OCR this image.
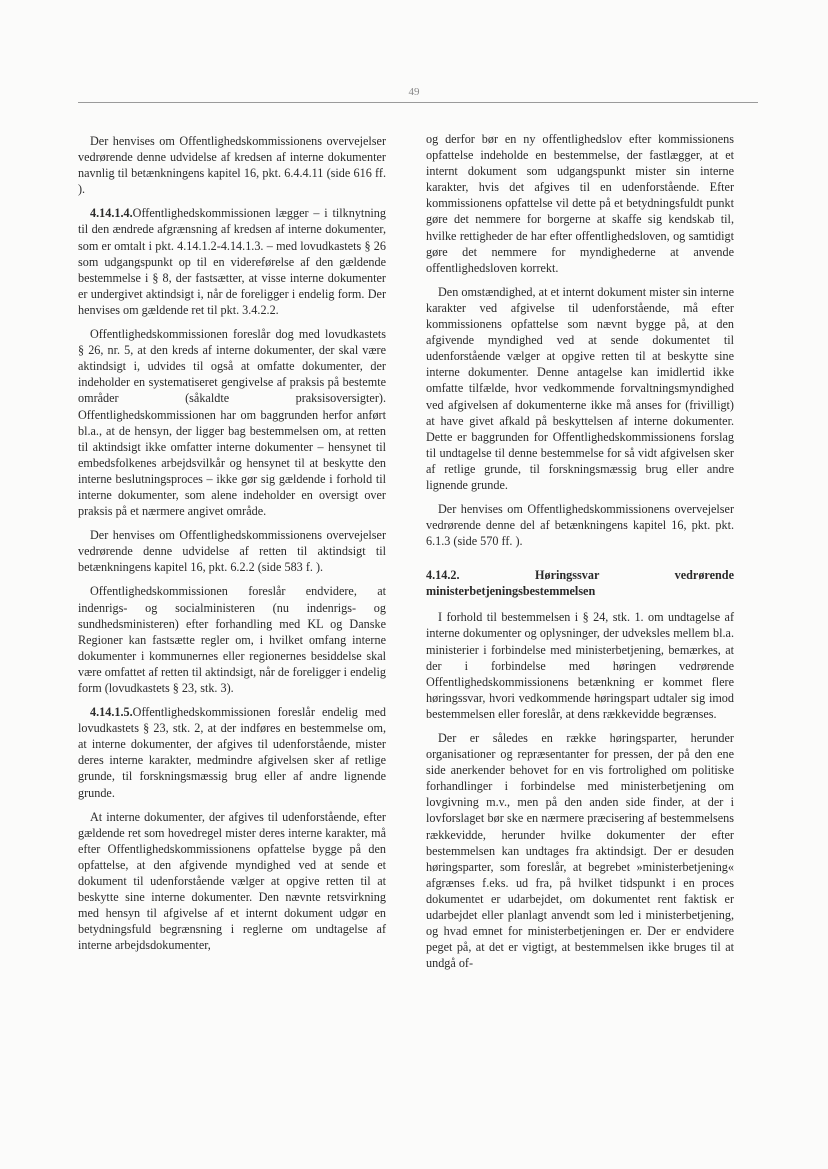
49

Der henvises om Offentlighedskommissionens overvejelser vedrørende denne udvidelse af kredsen af interne dokumenter navnlig til betænkningens kapitel 16, pkt. 6.4.4.11 (side 616 ff. ).

4.14.1.4.Offentlighedskommissionen lægger – i tilknytning til den ændrede afgrænsning af kredsen af interne dokumenter, som er omtalt i pkt. 4.14.1.2-4.14.1.3. – med lovudkastets § 26 som udgangspunkt op til en videreførelse af den gældende bestemmelse i § 8, der fastsætter, at visse interne dokumenter er undergivet aktindsigt i, når de foreligger i endelig form. Der henvises om gældende ret til pkt. 3.4.2.2.

Offentlighedskommissionen foreslår dog med lovudkastets § 26, nr. 5, at den kreds af interne dokumenter, der skal være aktindsigt i, udvides til også at omfatte dokumenter, der indeholder en systematiseret gengivelse af praksis på bestemte områder (såkaldte praksisoversigter). Offentlighedskommissionen har om baggrunden herfor anført bl.a., at de hensyn, der ligger bag bestemmelsen om, at retten til aktindsigt ikke omfatter interne dokumenter – hensynet til embedsfolkenes arbejdsvilkår og hensynet til at beskytte den interne beslutningsproces – ikke gør sig gældende i forhold til interne dokumenter, som alene indeholder en oversigt over praksis på et nærmere angivet område.

Der henvises om Offentlighedskommissionens overvejelser vedrørende denne udvidelse af retten til aktindsigt til betænkningens kapitel 16, pkt. 6.2.2 (side 583 f. ).

Offentlighedskommissionen foreslår endvidere, at indenrigs- og socialministeren (nu indenrigs- og sundhedsministeren) efter forhandling med KL og Danske Regioner kan fastsætte regler om, i hvilket omfang interne dokumenter i kommunernes eller regionernes besiddelse skal være omfattet af retten til aktindsigt, når de foreligger i endelig form (lovudkastets § 23, stk. 3).

4.14.1.5.Offentlighedskommissionen foreslår endelig med lovudkastets § 23, stk. 2, at der indføres en bestemmelse om, at interne dokumenter, der afgives til udenforstående, mister deres interne karakter, medmindre afgivelsen sker af retlige grunde, til forskningsmæssig brug eller af andre lignende grunde.

At interne dokumenter, der afgives til udenforstående, efter gældende ret som hovedregel mister deres interne karakter, må efter Offentlighedskommissionens opfattelse bygge på den opfattelse, at den afgivende myndighed ved at sende et dokument til udenforstående vælger at opgive retten til at beskytte sine interne dokumenter. Den nævnte retsvirkning med hensyn til afgivelse af et internt dokument udgør en betydningsfuld begrænsning i reglerne om undtagelse af interne arbejdsdokumenter,

og derfor bør en ny offentlighedslov efter kommissionens opfattelse indeholde en bestemmelse, der fastlægger, at et internt dokument som udgangspunkt mister sin interne karakter, hvis det afgives til en udenforstående. Efter kommissionens opfattelse vil dette på et betydningsfuldt punkt gøre det nemmere for borgerne at skaffe sig kendskab til, hvilke rettigheder de har efter offentlighedsloven, og samtidigt gøre det nemmere for myndighederne at anvende offentlighedsloven korrekt.

Den omstændighed, at et internt dokument mister sin interne karakter ved afgivelse til udenforstående, må efter kommissionens opfattelse som nævnt bygge på, at den afgivende myndighed ved at sende dokumentet til udenforstående vælger at opgive retten til at beskytte sine interne dokumenter. Denne antagelse kan imidlertid ikke omfatte tilfælde, hvor vedkommende forvaltningsmyndighed ved afgivelsen af dokumenterne ikke må anses for (frivilligt) at have givet afkald på beskyttelsen af interne dokumenter. Dette er baggrunden for Offentlighedskommissionens forslag til undtagelse til denne bestemmelse for så vidt afgivelsen sker af retlige grunde, til forskningsmæssig brug eller andre lignende grunde.

Der henvises om Offentlighedskommissionens overvejelser vedrørende denne del af betænkningens kapitel 16, pkt. pkt. 6.1.3 (side 570 ff. ).

4.14.2. Høringssvar vedrørende ministerbetjeningsbestemmelsen

I forhold til bestemmelsen i § 24, stk. 1. om undtagelse af interne dokumenter og oplysninger, der udveksles mellem bl.a. ministerier i forbindelse med ministerbetjening, bemærkes, at der i forbindelse med høringen vedrørende Offentlighedskommissionens betænkning er kommet flere høringssvar, hvori vedkommende høringspart udtaler sig imod bestemmelsen eller foreslår, at dens rækkevidde begrænses.

Der er således en række høringsparter, herunder organisationer og repræsentanter for pressen, der på den ene side anerkender behovet for en vis fortrolighed om politiske forhandlinger i forbindelse med ministerbetjening om lovgivning m.v., men på den anden side finder, at der i lovforslaget bør ske en nærmere præcisering af bestemmelsens rækkevidde, herunder hvilke dokumenter der efter bestemmelsen kan undtages fra aktindsigt. Der er desuden høringsparter, som foreslår, at begrebet »ministerbetjening« afgrænses f.eks. ud fra, på hvilket tidspunkt i en proces dokumentet er udarbejdet, om dokumentet rent faktisk er udarbejdet eller planlagt anvendt som led i ministerbetjening, og hvad emnet for ministerbetjeningen er. Der er endvidere peget på, at det er vigtigt, at bestemmelsen ikke bruges til at undgå of-
